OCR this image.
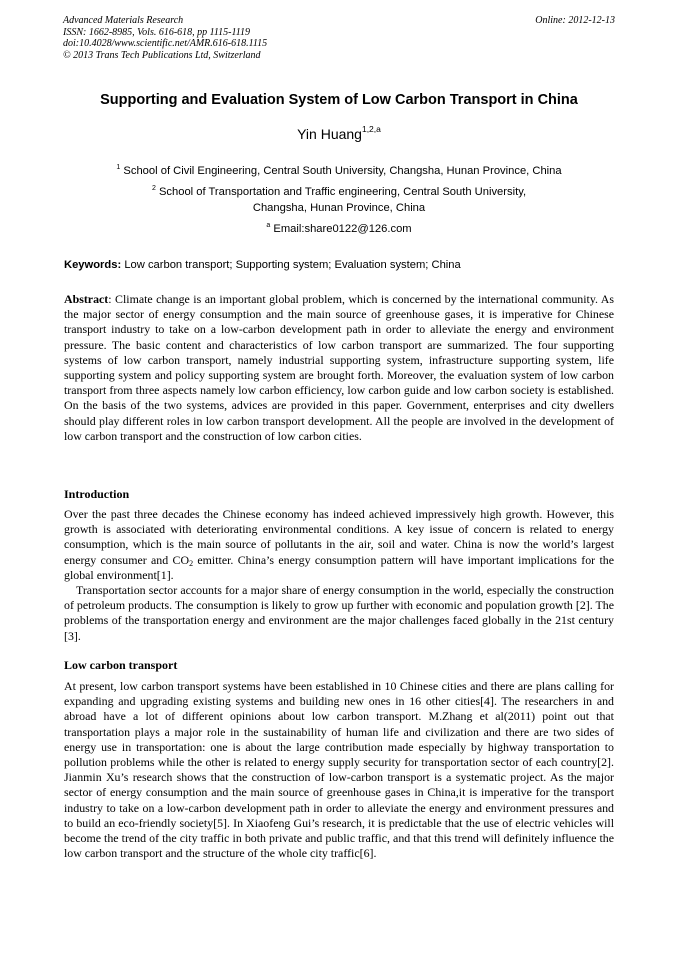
Advanced Materials Research
ISSN: 1662-8985, Vols. 616-618, pp 1115-1119
doi:10.4028/www.scientific.net/AMR.616-618.1115
© 2013 Trans Tech Publications Ltd, Switzerland
Online: 2012-12-13
Supporting and Evaluation System of Low Carbon Transport in China
Yin Huang$^{1,2,a}$
$^1$ School of Civil Engineering, Central South University, Changsha, Hunan Province, China
$^2$ School of Transportation and Traffic engineering, Central South University,
Changsha, Hunan Province, China
$^a$ Email:share0122@126.com
Keywords: Low carbon transport; Supporting system; Evaluation system; China

Abstract: Climate change is an important global problem, which is concerned by the international community. As the major sector of energy consumption and the main source of greenhouse gases, it is imperative for Chinese transport industry to take on a low-carbon development path in order to alleviate the energy and environment pressure. The basic content and characteristics of low carbon transport are summarized. The four supporting systems of low carbon transport, namely industrial supporting system, infrastructure supporting system, life supporting system and policy supporting system are brought forth. Moreover, the evaluation system of low carbon transport from three aspects namely low carbon efficiency, low carbon guide and low carbon society is established. On the basis of the two systems, advices are provided in this paper. Government, enterprises and city dwellers should play different roles in low carbon transport development. All the people are involved in the development of low carbon transport and the construction of low carbon cities.

Introduction

Over the past three decades the Chinese economy has indeed achieved impressively high growth. However, this growth is associated with deteriorating environmental conditions. A key issue of concern is related to energy consumption, which is the main source of pollutants in the air, soil and water. China is now the world’s largest energy consumer and $CO_2$ emitter. China’s energy consumption pattern will have important implications for the global environment[1].

Transportation sector accounts for a major share of energy consumption in the world, especially the construction of petroleum products. The consumption is likely to grow up further with economic and population growth [2]. The problems of the transportation energy and environment are the major challenges faced globally in the 21st century [3].

Low carbon transport

At present, low carbon transport systems have been established in 10 Chinese cities and there are plans calling for expanding and upgrading existing systems and building new ones in 16 other cities[4]. The researchers in and abroad have a lot of different opinions about low carbon transport. M.Zhang et al(2011) point out that transportation plays a major role in the sustainability of human life and civilization and there are two sides of energy use in transportation: one is about the large contribution made especially by highway transportation to pollution problems while the other is related to energy supply security for transportation sector of each country[2]. Jianmin Xu’s research shows that the construction of low-carbon transport is a systematic project. As the major sector of energy consumption and the main source of greenhouse gases in China,it is imperative for the transport industry to take on a low-carbon development path in order to alleviate the energy and environment pressures and to build an eco-friendly society[5]. In Xiaofeng Gui’s research, it is predictable that the use of electric vehicles will become the trend of the city traffic in both private and public traffic, and that this trend will definitely influence the low carbon transport and the structure of the whole city traffic[6].
